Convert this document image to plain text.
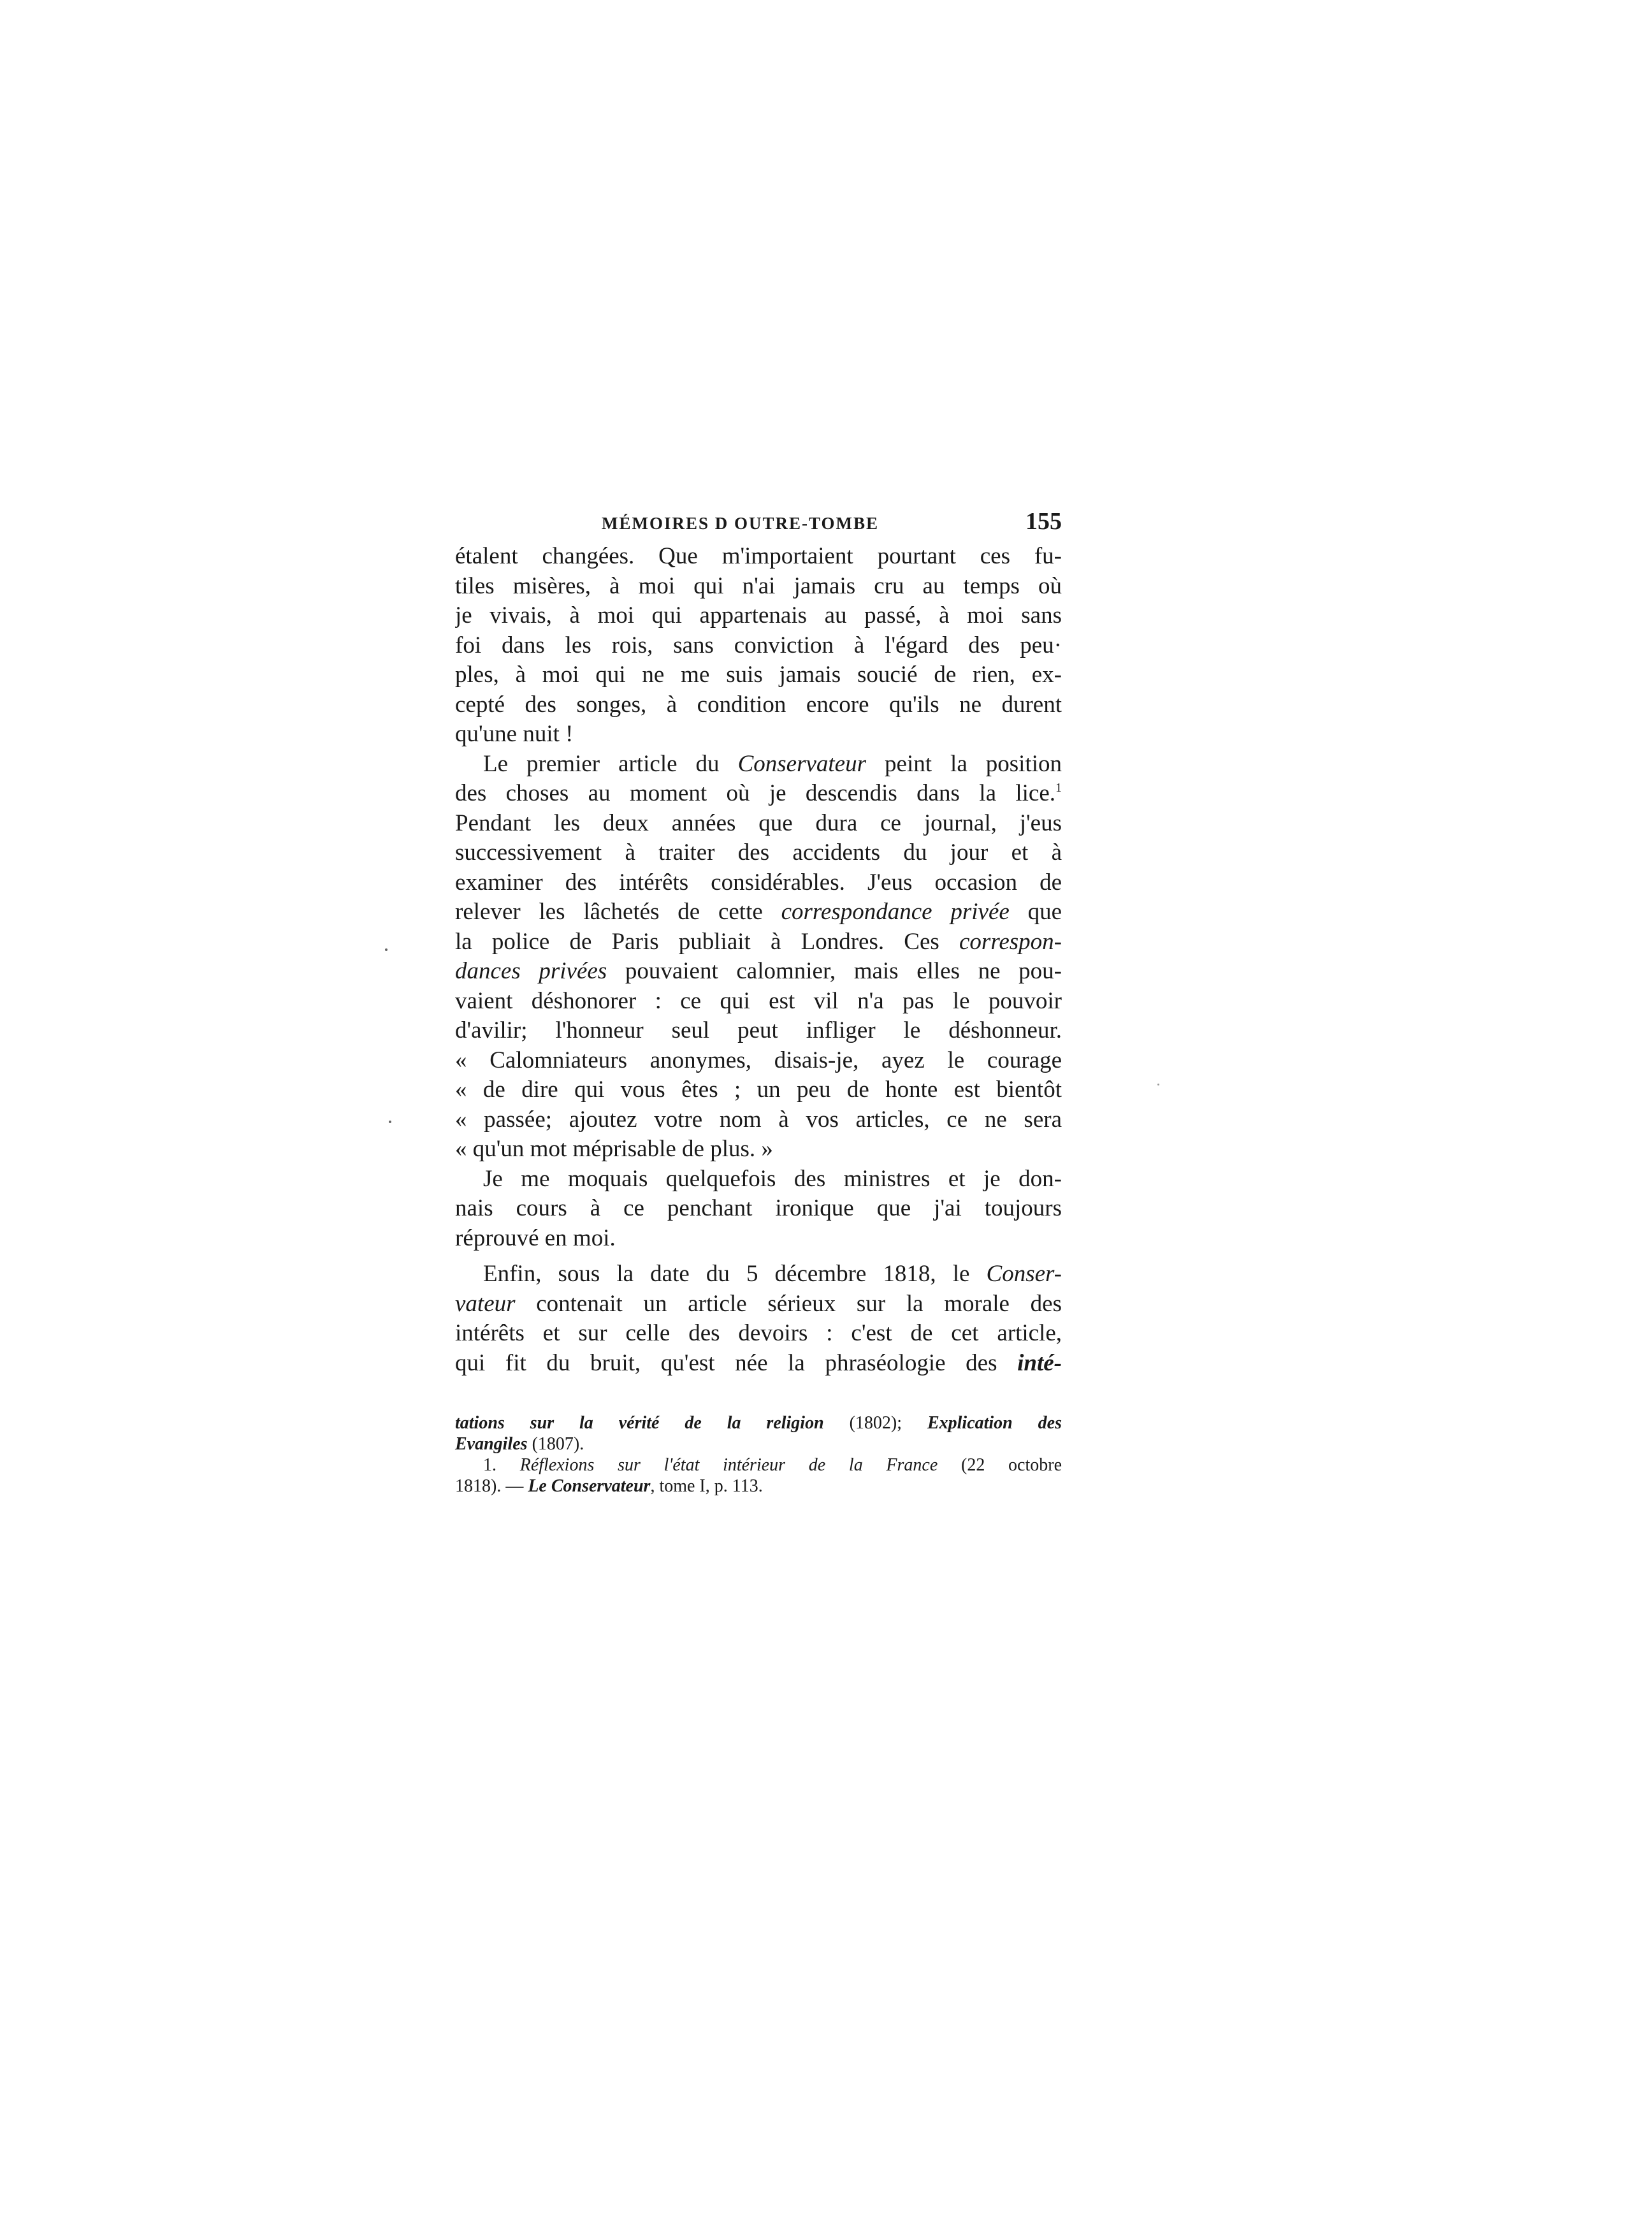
MÉMOIRES D OUTRE-TOMBE	155
étalent changées. Que m'importaient pourtant ces fu-
tiles misères, à moi qui n'ai jamais cru au temps où
je vivais, à moi qui appartenais au passé, à moi sans
foi dans les rois, sans conviction à l'égard des peu·
ples, à moi qui ne me suis jamais soucié de rien, ex-
cepté des songes, à condition encore qu'ils ne durent
qu'une nuit !
Le premier article du Conservateur peint la position
des choses au moment où je descendis dans la lice.$^1$
Pendant les deux années que dura ce journal, j'eus
successivement à traiter des accidents du jour et à
examiner des intérêts considérables. J'eus occasion de
relever les lâchetés de cette correspondance privée que
la police de Paris publiait à Londres. Ces correspon-
dances privées pouvaient calomnier, mais elles ne pou-
vaient déshonorer : ce qui est vil n'a pas le pouvoir
d'avilir; l'honneur seul peut infliger le déshonneur.
« Calomniateurs anonymes, disais-je, ayez le courage
« de dire qui vous êtes ; un peu de honte est bientôt
« passée; ajoutez votre nom à vos articles, ce ne sera
« qu'un mot méprisable de plus. »
Je me moquais quelquefois des ministres et je don-
nais cours à ce penchant ironique que j'ai toujours
réprouvé en moi.
Enfin, sous la date du 5 décembre 1818, le Conser-
vateur contenait un article sérieux sur la morale des
intérêts et sur celle des devoirs : c'est de cet article,
qui fit du bruit, qu'est née la phraséologie des inté-
tations sur la vérité de la religion (1802); Explication des
Evangiles (1807).
1. Réflexions sur l'état intérieur de la France (22 octobre
1818). — Le Conservateur, tome I, p. 113.
